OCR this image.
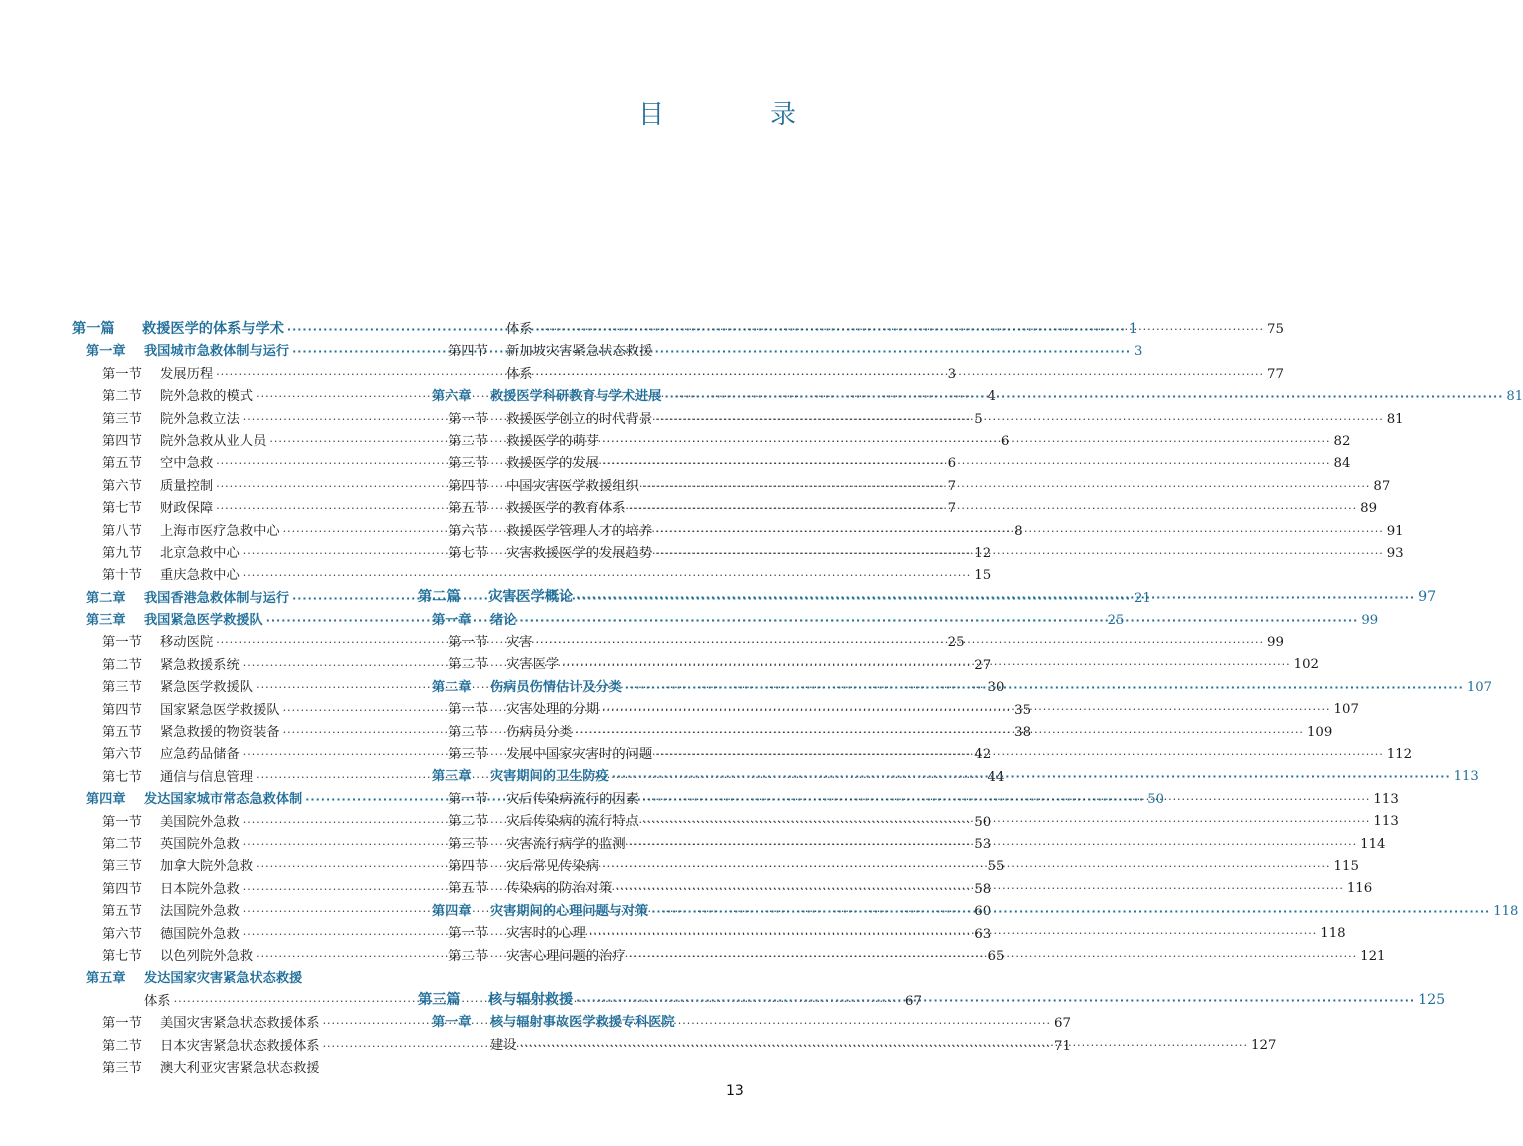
目　录
第一篇 救援医学的体系与学术 ·····	1
第一章 我国城市急救体制与运行 ·····	3
第一节 发展历程 ·····	3
第二节 院外急救的模式 ·····	4
第三节 院外急救立法 ·····	5
第四节 院外急救从业人员 ·····	6
第五节 空中急救 ·····	6
第六节 质量控制 ·····	7
第七节 财政保障 ·····	7
第八节 上海市医疗急救中心 ·····	8
第九节 北京急救中心 ·····	12
第十节 重庆急救中心 ·····	15
第二章 我国香港急救体制与运行 ·····	21
第三章 我国紧急医学救援队 ·····	25
第一节 移动医院 ·····	25
第二节 紧急救援系统 ·····	27
第三节 紧急医学救援队 ·····	30
第四节 国家紧急医学救援队 ·····	35
第五节 紧急救援的物资装备 ·····	38
第六节 应急药品储备 ·····	42
第七节 通信与信息管理 ·····	44
第四章 发达国家城市常态急救体制 ·····	50
第一节 美国院外急救 ·····	50
第二节 英国院外急救 ·····	53
第三节 加拿大院外急救 ·····	55
第四节 日本院外急救 ·····	58
第五节 法国院外急救 ·····	60
第六节 德国院外急救 ·····	63
第七节 以色列院外急救 ·····	65
第五章 发达国家灾害紧急状态救援
体系 ·····	67
第一节 美国灾害紧急状态救援体系 ·····	67
第二节 日本灾害紧急状态救援体系 ·····	71
第三节 澳大利亚灾害紧急状态救援
体系 ·····	75
第四节 新加坡灾害紧急状态救援
体系 ·····	77
第六章 救援医学科研教育与学术进展 ·····	81
第一节 救援医学创立的时代背景 ·····	81
第二节 救援医学的萌芽 ·····	82
第三节 救援医学的发展 ·····	84
第四节 中国灾害医学救援组织 ·····	87
第五节 救援医学的教育体系 ·····	89
第六节 救援医学管理人才的培养 ·····	91
第七节 灾害救援医学的发展趋势 ·····	93
第二篇 灾害医学概论 ·····	97
第一章 绪论 ·····	99
第一节 灾害 ·····	99
第二节 灾害医学 ·····	102
第二章 伤病员伤情估计及分类 ·····	107
第一节 灾害处理的分期 ·····	107
第二节 伤病员分类 ·····	109
第三节 发展中国家灾害时的问题 ·····	112
第三章 灾害期间的卫生防疫 ·····	113
第一节 灾后传染病流行的因素 ·····	113
第二节 灾后传染病的流行特点 ·····	113
第三节 灾害流行病学的监测 ·····	114
第四节 灾后常见传染病 ·····	115
第五节 传染病的防治对策 ·····	116
第四章 灾害期间的心理问题与对策 ·····	118
第一节 灾害时的心理 ·····	118
第二节 灾害心理问题的治疗 ·····	121
第三篇 核与辐射救援 ·····	125
第一章 核与辐射事故医学救援专科医院
建设 ·····	127
13
